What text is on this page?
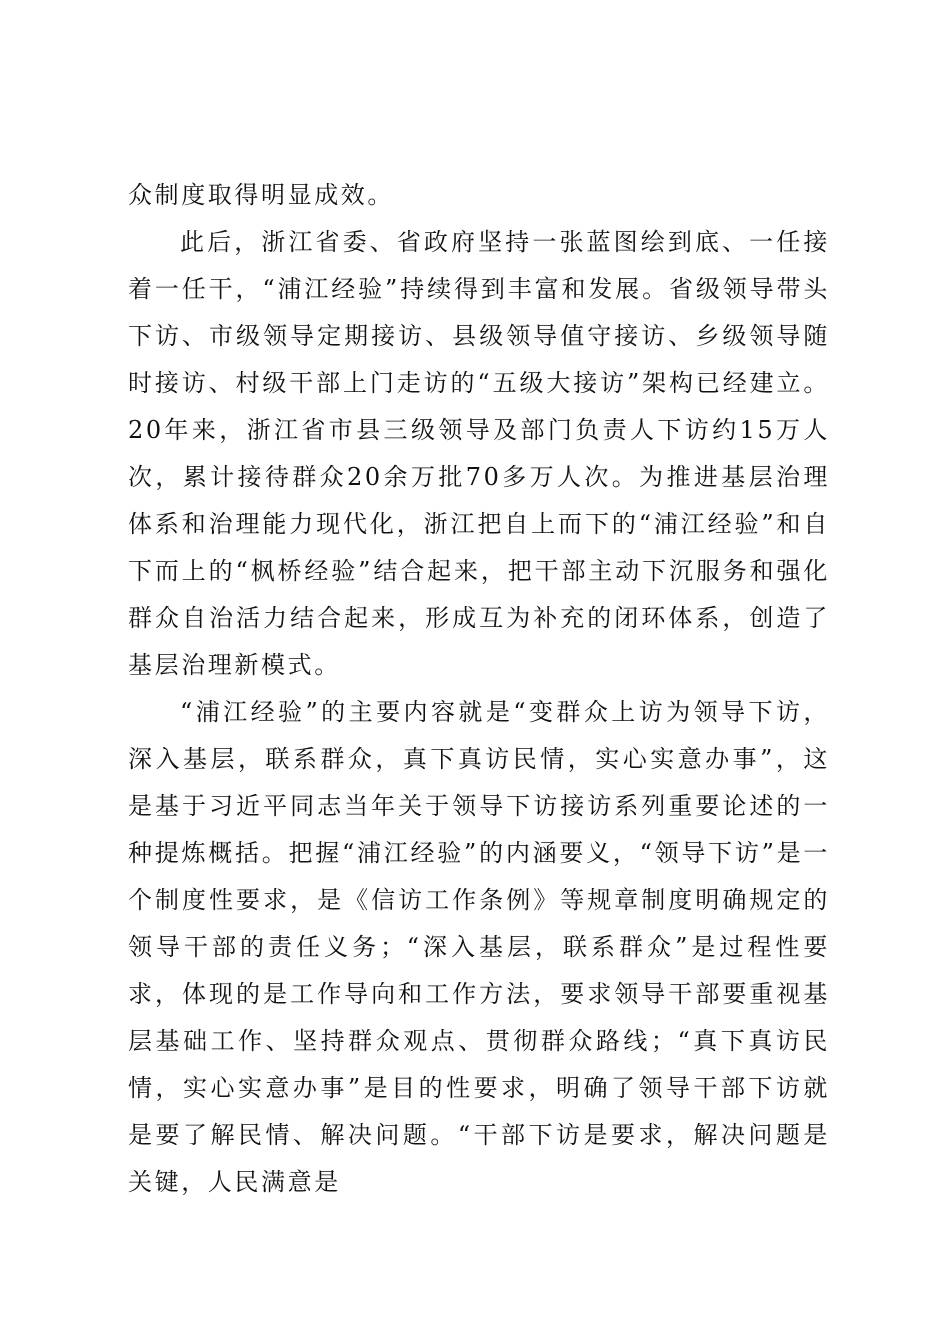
众制度取得明显成效。

此后，浙江省委、省政府坚持一张蓝图绘到底、一任接着一任干，“浦江经验”持续得到丰富和发展。省级领导带头下访、市级领导定期接访、县级领导值守接访、乡级领导随时接访、村级干部上门走访的“五级大接访”架构已经建立。20年来，浙江省市县三级领导及部门负责人下访约15万人次，累计接待群众20余万批70多万人次。为推进基层治理体系和治理能力现代化，浙江把自上而下的“浦江经验”和自下而上的“枫桥经验”结合起来，把干部主动下沉服务和强化群众自治活力结合起来，形成互为补充的闭环体系，创造了基层治理新模式。

“浦江经验”的主要内容就是“变群众上访为领导下访，深入基层，联系群众，真下真访民情，实心实意办事”，这是基于习近平同志当年关于领导下访接访系列重要论述的一种提炼概括。把握“浦江经验”的内涵要义，“领导下访”是一个制度性要求，是《信访工作条例》等规章制度明确规定的领导干部的责任义务；“深入基层，联系群众”是过程性要求，体现的是工作导向和工作方法，要求领导干部要重视基层基础工作、坚持群众观点、贯彻群众路线；“真下真访民情，实心实意办事”是目的性要求，明确了领导干部下访就是要了解民情、解决问题。“干部下访是要求，解决问题是关键，人民满意是
